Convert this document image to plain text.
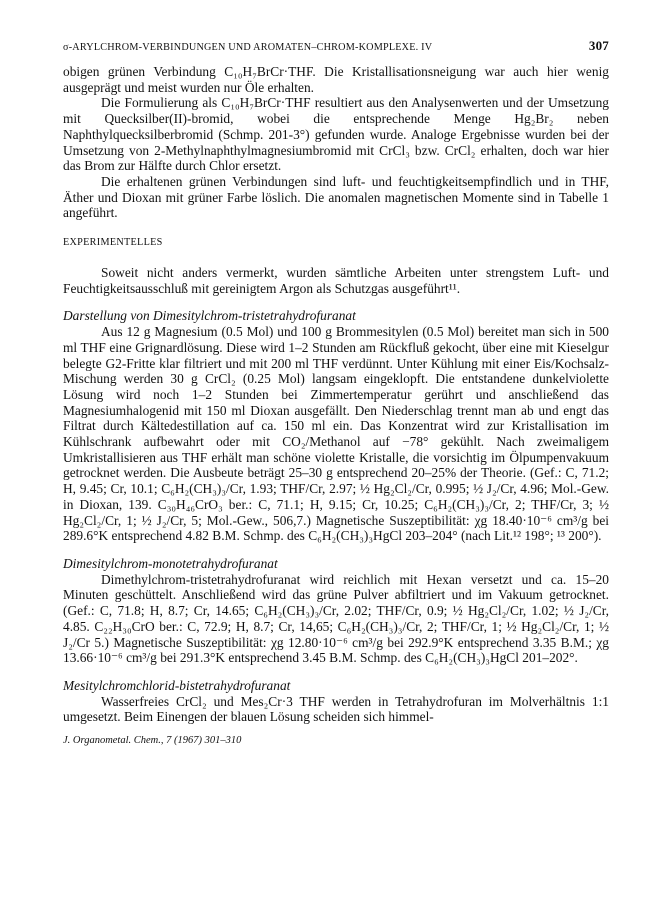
σ-ARYLCHROM-VERBINDUNGEN UND AROMATEN–CHROM-KOMPLEXE. IV	307

obigen grünen Verbindung C₁₀H₇BrCr·THF. Die Kristallisationsneigung war auch hier wenig ausgeprägt und meist wurden nur Öle erhalten.

Die Formulierung als C₁₀H₇BrCr·THF resultiert aus den Analysenwerten und der Umsetzung mit Quecksilber(II)-bromid, wobei die entsprechende Menge Hg₂Br₂ neben Naphthylquecksilberbromid (Schmp. 201-3°) gefunden wurde. Analoge Ergebnisse wurden bei der Umsetzung von 2-Methylnaphthylmagnesiumbromid mit CrCl₃ bzw. CrCl₂ erhalten, doch war hier das Brom zur Hälfte durch Chlor ersetzt.

Die erhaltenen grünen Verbindungen sind luft- und feuchtigkeitsempfindlich und in THF, Äther und Dioxan mit grüner Farbe löslich. Die anomalen magnetischen Momente sind in Tabelle 1 angeführt.

EXPERIMENTELLES

Soweit nicht anders vermerkt, wurden sämtliche Arbeiten unter strengstem Luft- und Feuchtigkeitsausschluß mit gereinigtem Argon als Schutzgas ausgeführt¹¹.

Darstellung von Dimesitylchrom-tristetrahydrofuranat

Aus 12 g Magnesium (0.5 Mol) und 100 g Brommesitylen (0.5 Mol) bereitet man sich in 500 ml THF eine Grignardlösung. Diese wird 1–2 Stunden am Rückfluß gekocht, über eine mit Kieselgur belegte G2-Fritte klar filtriert und mit 200 ml THF verdünnt. Unter Kühlung mit einer Eis/Kochsalz-Mischung werden 30 g CrCl₂ (0.25 Mol) langsam eingeklopft. Die entstandene dunkelviolette Lösung wird noch 1–2 Stunden bei Zimmertemperatur gerührt und anschließend das Magnesiumhalogenid mit 150 ml Dioxan ausgefällt. Den Niederschlag trennt man ab und engt das Filtrat durch Kältedestillation auf ca. 150 ml ein. Das Konzentrat wird zur Kristallisation im Kühlschrank aufbewahrt oder mit CO₂/Methanol auf −78° gekühlt. Nach zweimaligem Umkristallisieren aus THF erhält man schöne violette Kristalle, die vorsichtig im Ölpumpenvakuum getrocknet werden. Die Ausbeute beträgt 25–30 g entsprechend 20–25% der Theorie. (Gef.: C, 71.2; H, 9.45; Cr, 10.1; C₆H₂(CH₃)₃/Cr, 1.93; THF/Cr, 2.97; ½ Hg₂Cl₂/Cr, 0.995; ½ J₂/Cr, 4.96; Mol.-Gew. in Dioxan, 139. C₃₀H₄₆CrO₃ ber.: C, 71.1; H, 9.15; Cr, 10.25; C₆H₂(CH₃)₃/Cr, 2; THF/Cr, 3; ½ Hg₂Cl₂/Cr, 1; ½ J₂/Cr, 5; Mol.-Gew., 506,7.) Magnetische Suszeptibilität: χg 18.40·10⁻⁶ cm³/g bei 289.6°K entsprechend 4.82 B.M. Schmp. des C₆H₂(CH₃)₃HgCl 203–204° (nach Lit.¹² 198°; ¹³ 200°).

Dimesitylchrom-monotetrahydrofuranat

Dimethylchrom-tristetrahydrofuranat wird reichlich mit Hexan versetzt und ca. 15–20 Minuten geschüttelt. Anschließend wird das grüne Pulver abfiltriert und im Vakuum getrocknet. (Gef.: C, 71.8; H, 8.7; Cr, 14.65; C₆H₂(CH₃)₃/Cr, 2.02; THF/Cr, 0.9; ½ Hg₂Cl₂/Cr, 1.02; ½ J₂/Cr, 4.85. C₂₂H₃₀CrO ber.: C, 72.9; H, 8.7; Cr, 14,65; C₆H₂(CH₃)₃/Cr, 2; THF/Cr, 1; ½ Hg₂Cl₂/Cr, 1; ½ J₂/Cr 5.) Magnetische Suszeptibilität: χg 12.80·10⁻⁶ cm³/g bei 292.9°K entsprechend 3.35 B.M.; χg 13.66·10⁻⁶ cm³/g bei 291.3°K entsprechend 3.45 B.M. Schmp. des C₆H₂(CH₃)₃HgCl 201–202°.

Mesitylchromchlorid-bistetrahydrofuranat

Wasserfreies CrCl₂ und Mes₂Cr·3 THF werden in Tetrahydrofuran im Molverhältnis 1:1 umgesetzt. Beim Einengen der blauen Lösung scheiden sich himmel-

J. Organometal. Chem., 7 (1967) 301–310
